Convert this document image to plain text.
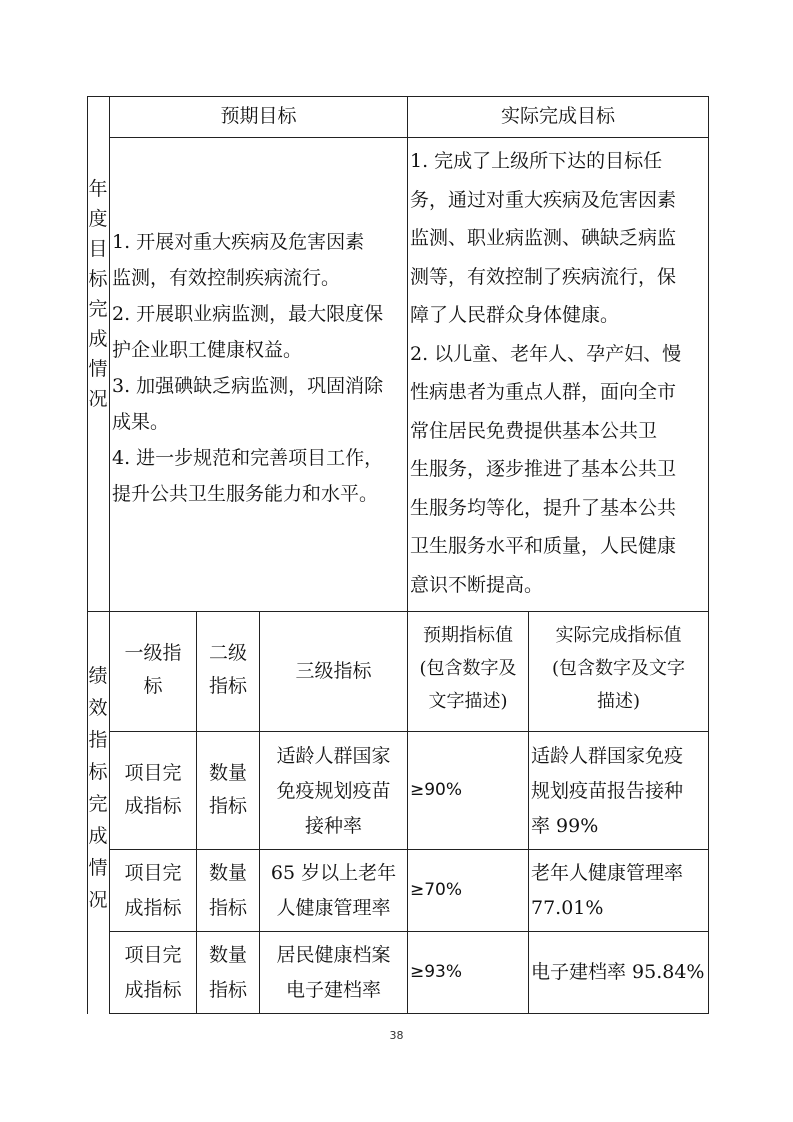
年
度
目
标
完
成
情
况
预期目标	实际完成目标
1. 开展对重大疾病及危害因素
监测，有效控制疾病流行。
2. 开展职业病监测，最大限度保
护企业职工健康权益。
3. 加强碘缺乏病监测，巩固消除
成果。
4. 进一步规范和完善项目工作，
提升公共卫生服务能力和水平。
1. 完成了上级所下达的目标任
务，通过对重大疾病及危害因素
监测、职业病监测、碘缺乏病监
测等，有效控制了疾病流行，保
障了人民群众身体健康。
2. 以儿童、老年人、孕产妇、慢
性病患者为重点人群，面向全市
常住居民免费提供基本公共卫
生服务，逐步推进了基本公共卫
生服务均等化，提升了基本公共
卫生服务水平和质量，人民健康
意识不断提高。
绩
效
指
标
完
成
情
况
一级指
标
二级
指标
三级指标
预期指标值
(包含数字及
文字描述)
实际完成指标值
(包含数字及文字
描述)
项目完
成指标
数量
指标
适龄人群国家
免疫规划疫苗
接种率
≥90%
适龄人群国家免疫
规划疫苗报告接种
率 99%
项目完
成指标
数量
指标
65 岁以上老年
人健康管理率
≥70%
老年人健康管理率
77.01%
项目完
成指标
数量
指标
居民健康档案
电子建档率
≥93%	电子建档率 95.84%
38
